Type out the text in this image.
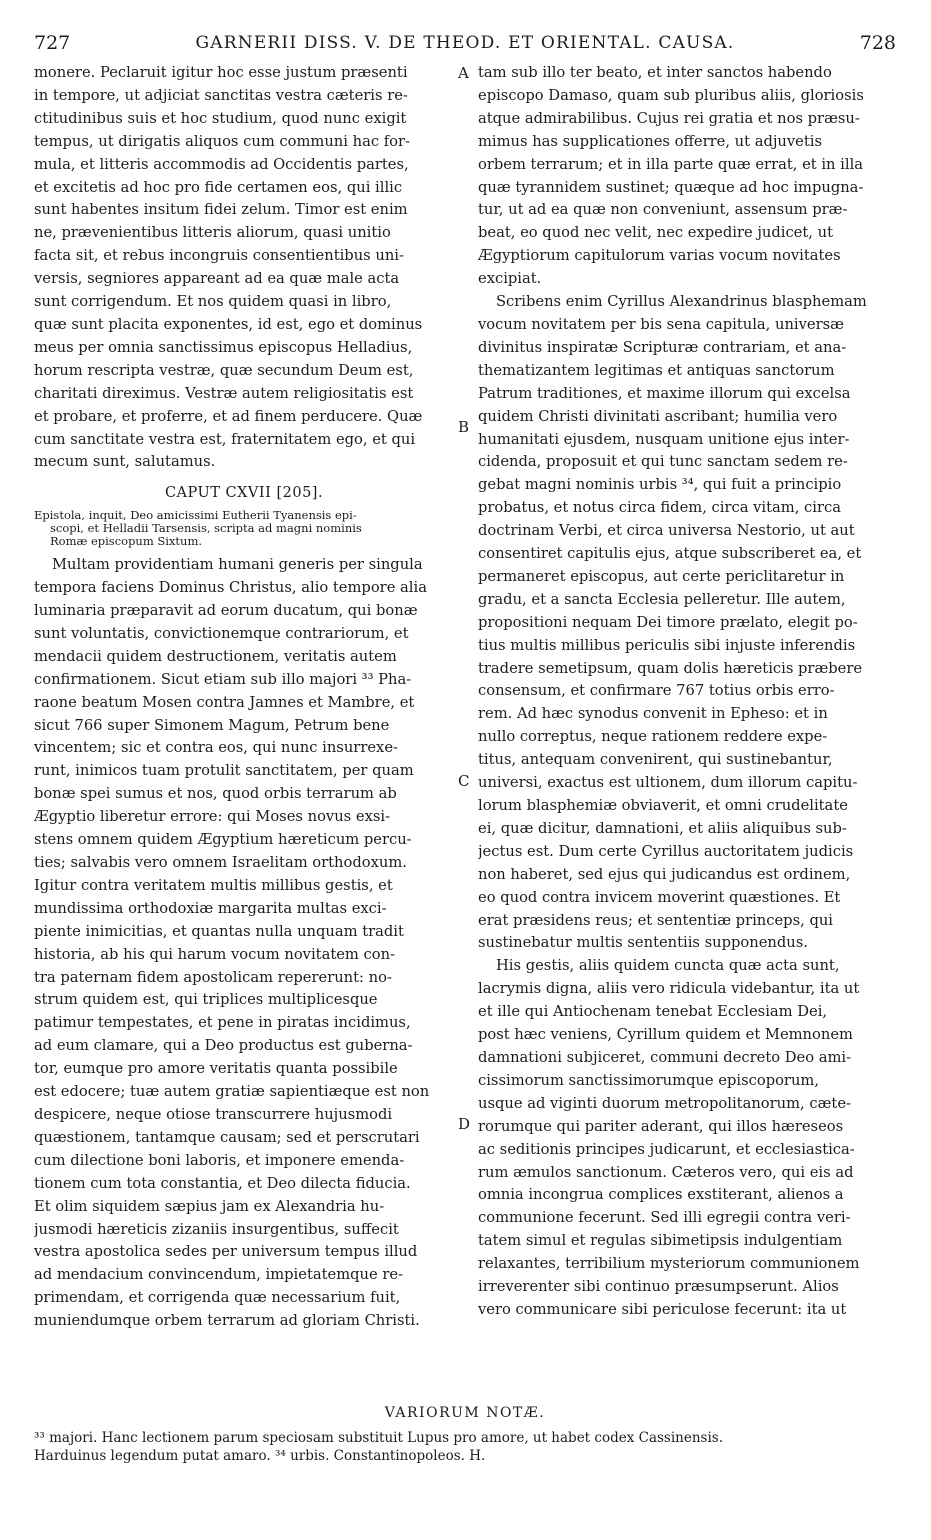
727	GARNERII DISS. V. DE THEOD. ET ORIENTAL. CAUSA.	728
A
B
C
D
monere. Peclaruit igitur hoc esse justum præsenti
in tempore, ut adjiciat sanctitas vestra cæteris re-
ctitudinibus suis et hoc studium, quod nunc exigit
tempus, ut dirigatis aliquos cum communi hac for-
mula, et litteris accommodis ad Occidentis partes,
et excitetis ad hoc pro fide certamen eos, qui illic
sunt habentes insitum fidei zelum. Timor est enim
ne, prævenientibus litteris aliorum, quasi unitio
facta sit, et rebus incongruis consentientibus uni-
versis, segniores appareant ad ea quæ male acta
sunt corrigendum. Et nos quidem quasi in libro,
quæ sunt placita exponentes, id est, ego et dominus
meus per omnia sanctissimus episcopus Helladius,
horum rescripta vestræ, quæ secundum Deum est,
charitati direximus. Vestræ autem religiositatis est
et probare, et proferre, et ad finem perducere. Quæ
cum sanctitate vestra est, fraternitatem ego, et qui
mecum sunt, salutamus.
CAPUT CXVII [205].
Epistola, inquit, Deo amicissimi Eutherii Tyanensis epi-
scopi, et Helladii Tarsensis, scripta ad magni nominis
Romæ episcopum Sixtum.
Multam providentiam humani generis per singula
tempora faciens Dominus Christus, alio tempore alia
luminaria præparavit ad eorum ducatum, qui bonæ
sunt voluntatis, convictionemque contrariorum, et
mendacii quidem destructionem, veritatis autem
confirmationem. Sicut etiam sub illo majori ³³ Pha-
raone beatum Mosen contra Jamnes et Mambre, et
sicut 766 super Simonem Magum, Petrum bene
vincentem; sic et contra eos, qui nunc insurrexe-
runt, inimicos tuam protulit sanctitatem, per quam
bonæ spei sumus et nos, quod orbis terrarum ab
Ægyptio liberetur errore: qui Moses novus exsi-
stens omnem quidem Ægyptium hæreticum percu-
ties; salvabis vero omnem Israelitam orthodoxum.
Igitur contra veritatem multis millibus gestis, et
mundissima orthodoxiæ margarita multas exci-
piente inimicitias, et quantas nulla unquam tradit
historia, ab his qui harum vocum novitatem con-
tra paternam fidem apostolicam repererunt: no-
strum quidem est, qui triplices multiplicesque
patimur tempestates, et pene in piratas incidimus,
ad eum clamare, qui a Deo productus est guberna-
tor, eumque pro amore veritatis quanta possibile
est edocere; tuæ autem gratiæ sapientiæque est non
despicere, neque otiose transcurrere hujusmodi
quæstionem, tantamque causam; sed et perscrutari
cum dilectione boni laboris, et imponere emenda-
tionem cum tota constantia, et Deo dilecta fiducia.
Et olim siquidem sæpius jam ex Alexandria hu-
jusmodi hæreticis zizaniis insurgentibus, suffecit
vestra apostolica sedes per universum tempus illud
ad mendacium convincendum, impietatemque re-
primendam, et corrigenda quæ necessarium fuit,
muniendumque orbem terrarum ad gloriam Christi.
tam sub illo ter beato, et inter sanctos habendo
episcopo Damaso, quam sub pluribus aliis, gloriosis
atque admirabilibus. Cujus rei gratia et nos præsu-
mimus has supplicationes offerre, ut adjuvetis
orbem terrarum; et in illa parte quæ errat, et in illa
quæ tyrannidem sustinet; quæque ad hoc impugna-
tur, ut ad ea quæ non conveniunt, assensum præ-
beat, eo quod nec velit, nec expedire judicet, ut
Ægyptiorum capitulorum varias vocum novitates
excipiat.
Scribens enim Cyrillus Alexandrinus blasphemam
vocum novitatem per bis sena capitula, universæ
divinitus inspiratæ Scripturæ contrariam, et ana-
thematizantem legitimas et antiquas sanctorum
Patrum traditiones, et maxime illorum qui excelsa
quidem Christi divinitati ascribant; humilia vero
humanitati ejusdem, nusquam unitione ejus inter-
cidenda, proposuit et qui tunc sanctam sedem re-
gebat magni nominis urbis ³⁴, qui fuit a principio
probatus, et notus circa fidem, circa vitam, circa
doctrinam Verbi, et circa universa Nestorio, ut aut
consentiret capitulis ejus, atque subscriberet ea, et
permaneret episcopus, aut certe periclitaretur in
gradu, et a sancta Ecclesia pelleretur. Ille autem,
propositioni nequam Dei timore prælato, elegit po-
tius multis millibus periculis sibi injuste inferendis
tradere semetipsum, quam dolis hæreticis præbere
consensum, et confirmare 767 totius orbis erro-
rem. Ad hæc synodus convenit in Ephesο: et in
nullo correptus, neque rationem reddere expe-
titus, antequam convenirent, qui sustinebantur,
universi, exactus est ultionem, dum illorum capitu-
lorum blasphemiæ obviaverit, et omni crudelitate
ei, quæ dicitur, damnationi, et aliis aliquibus sub-
jectus est. Dum certe Cyrillus auctoritatem judicis
non haberet, sed ejus qui judicandus est ordinem,
eo quod contra invicem moverint quæstiones. Et
erat præsidens reus; et sententiæ princeps, qui
sustinebatur multis sententiis supponendus.
His gestis, aliis quidem cuncta quæ acta sunt,
lacrymis digna, aliis vero ridicula videbantur, ita ut
et ille qui Antiochenam tenebat Ecclesiam Dei,
post hæc veniens, Cyrillum quidem et Memnonem
damnationi subjiceret, communi decreto Deo ami-
cissimorum sanctissimorumque episcoporum,
usque ad viginti duorum metropolitanorum, cæte-
rorumque qui pariter aderant, qui illos hæreseos
ac seditionis principes judicarunt, et ecclesiastica-
rum æmulos sanctionum. Cæteros vero, qui eis ad
omnia incongrua complices exstiterant, alienos a
communione fecerunt. Sed illi egregii contra veri-
tatem simul et regulas sibimetipsis indulgentiam
relaxantes, terribilium mysteriorum communionem
irreverenter sibi continuo præsumpserunt. Alios
vero communicare sibi periculose fecerunt: ita ut
VARIORUM NOTÆ.
³³ majori. Hanc lectionem parum speciosam substituit Lupus pro amore, ut habet codex Cassinensis.
Harduinus legendum putat amaro. ³⁴ urbis. Constantinopoleos. H.
